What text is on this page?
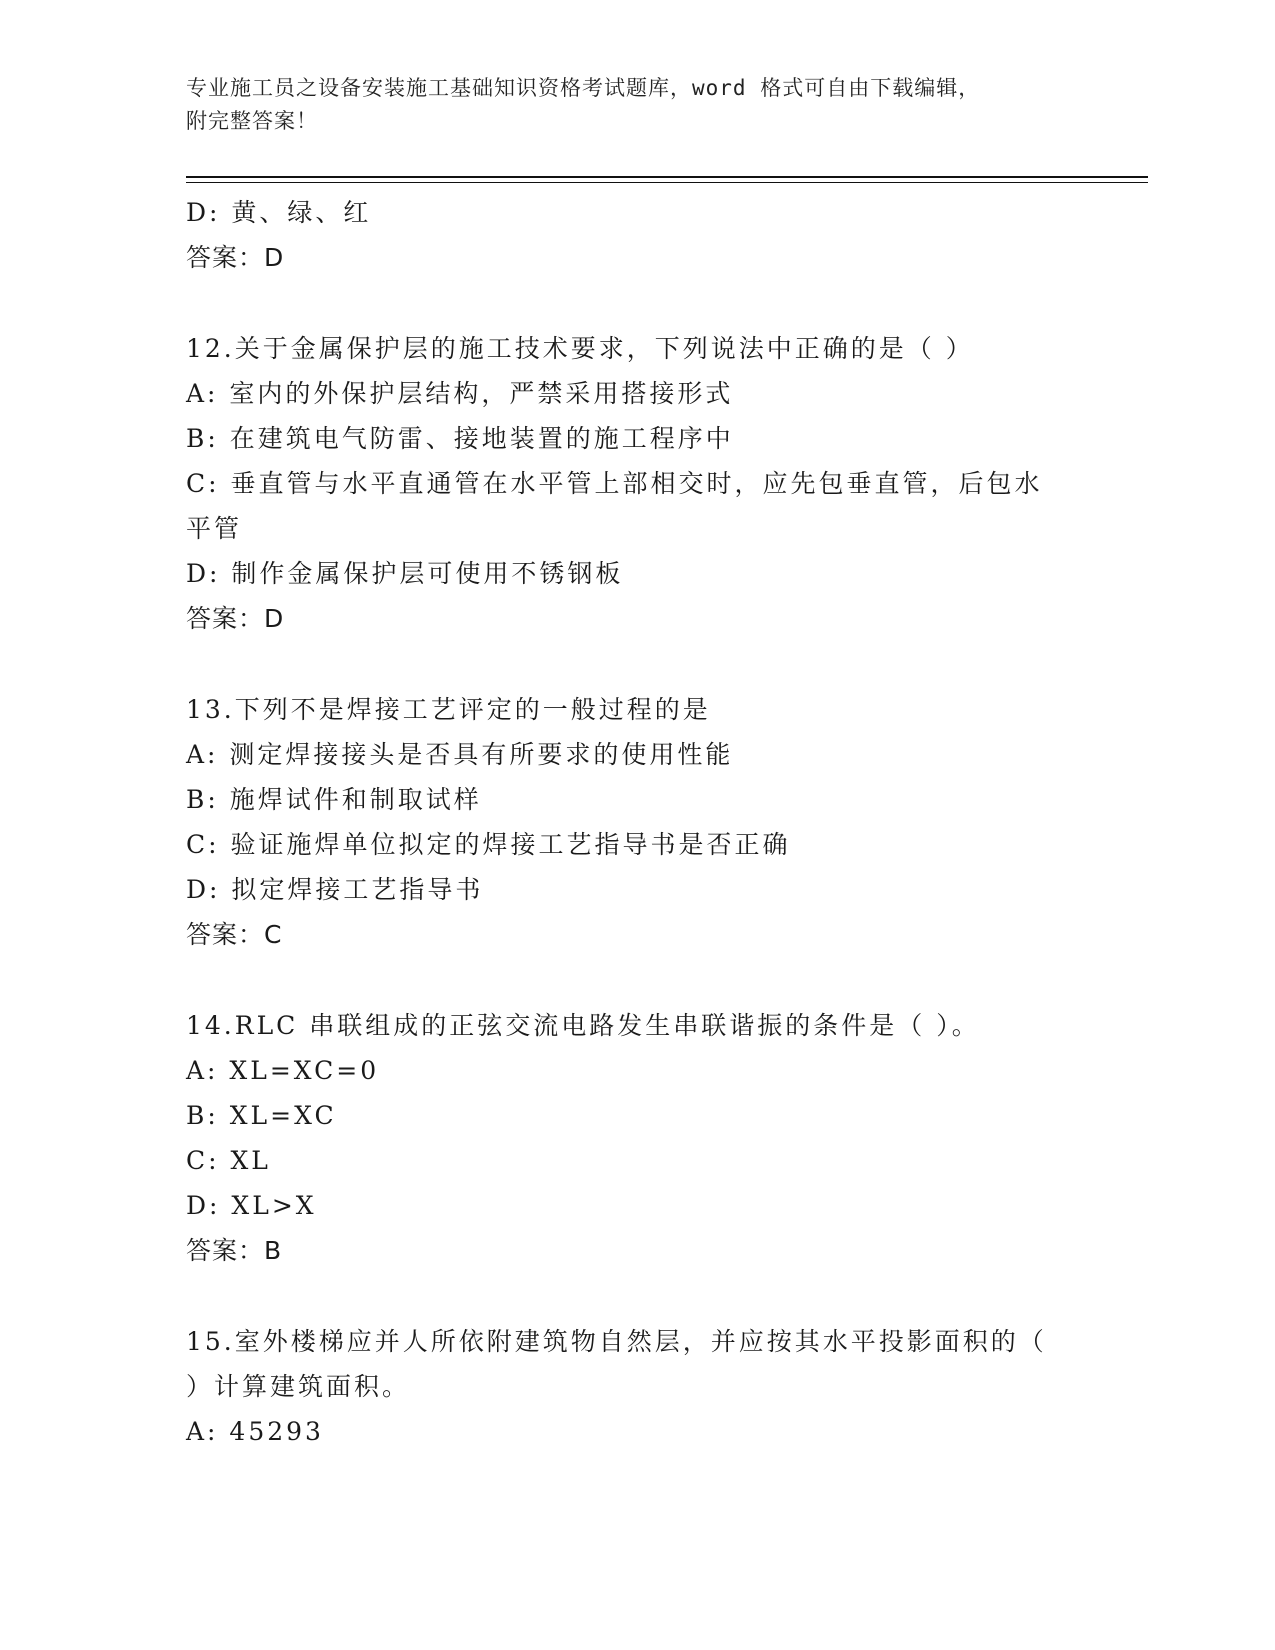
专业施工员之设备安装施工基础知识资格考试题库，word 格式可自由下载编辑，
附完整答案！
D: 黄、绿、红
答案：D
12.关于金属保护层的施工技术要求，下列说法中正确的是（ ）
A: 室内的外保护层结构，严禁采用搭接形式
B: 在建筑电气防雷、接地装置的施工程序中
C: 垂直管与水平直通管在水平管上部相交时，应先包垂直管，后包水
平管
D: 制作金属保护层可使用不锈钢板
答案：D
13.下列不是焊接工艺评定的一般过程的是
A: 测定焊接接头是否具有所要求的使用性能
B: 施焊试件和制取试样
C: 验证施焊单位拟定的焊接工艺指导书是否正确
D: 拟定焊接工艺指导书
答案：C
14.RLC 串联组成的正弦交流电路发生串联谐振的条件是（ ）。
A: XL=XC=0
B: XL=XC
C: XL
D: XL>X
答案：B
15.室外楼梯应并人所依附建筑物自然层，并应按其水平投影面积的（
）计算建筑面积。
A: 45293
